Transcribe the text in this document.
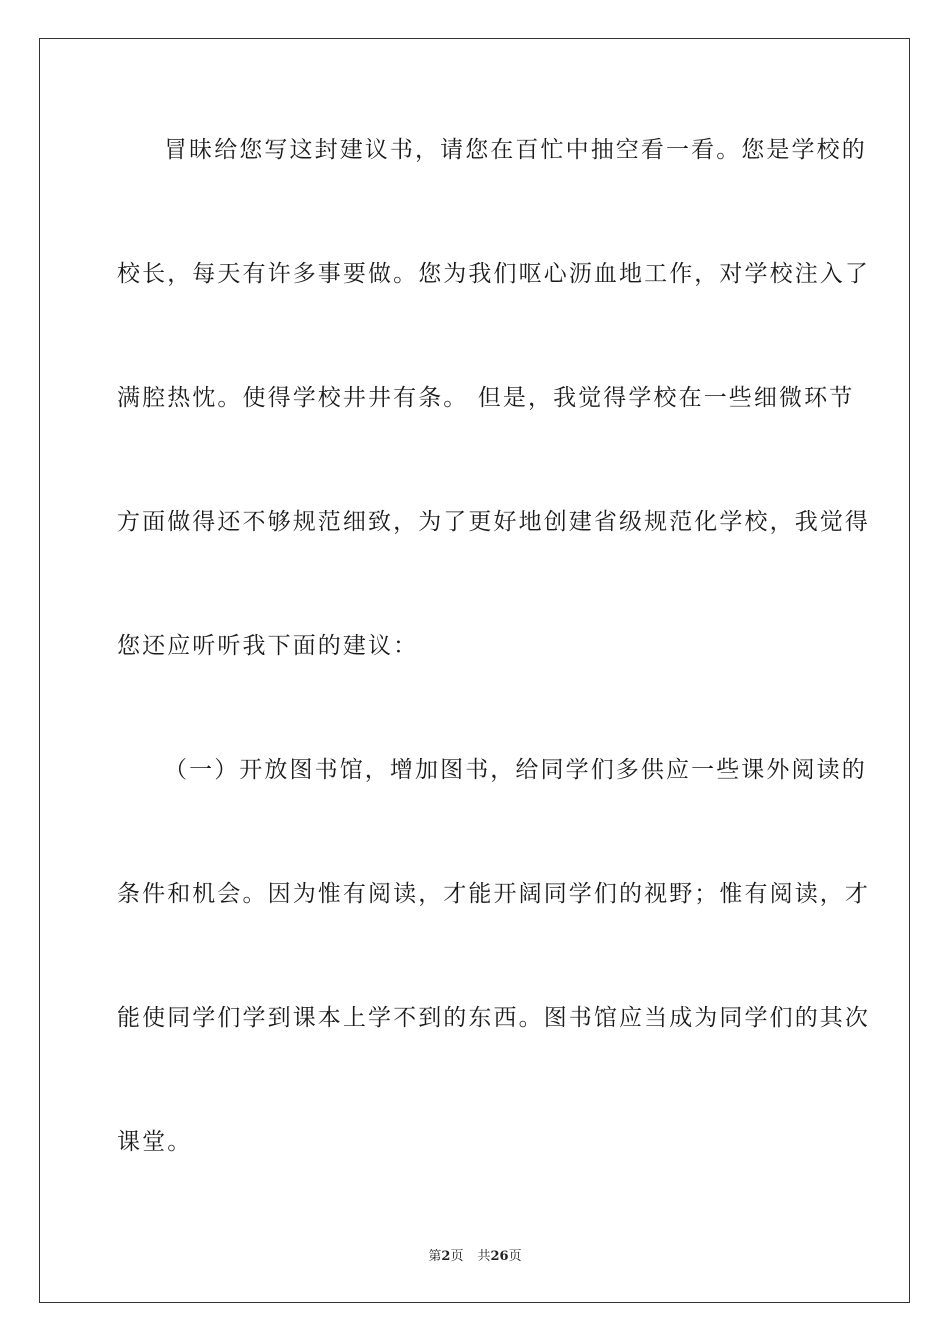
冒昧给您写这封建议书，请您在百忙中抽空看一看。您是学校的
校长，每天有许多事要做。您为我们呕心沥血地工作，对学校注入了
满腔热忱。使得学校井井有条。 但是，我觉得学校在一些细微环节
方面做得还不够规范细致，为了更好地创建省级规范化学校，我觉得
您还应听听我下面的建议：
（一）开放图书馆，增加图书，给同学们多供应一些课外阅读的
条件和机会。因为惟有阅读，才能开阔同学们的视野；惟有阅读，才
能使同学们学到课本上学不到的东西。图书馆应当成为同学们的其次
课堂。
第2页 共26页
